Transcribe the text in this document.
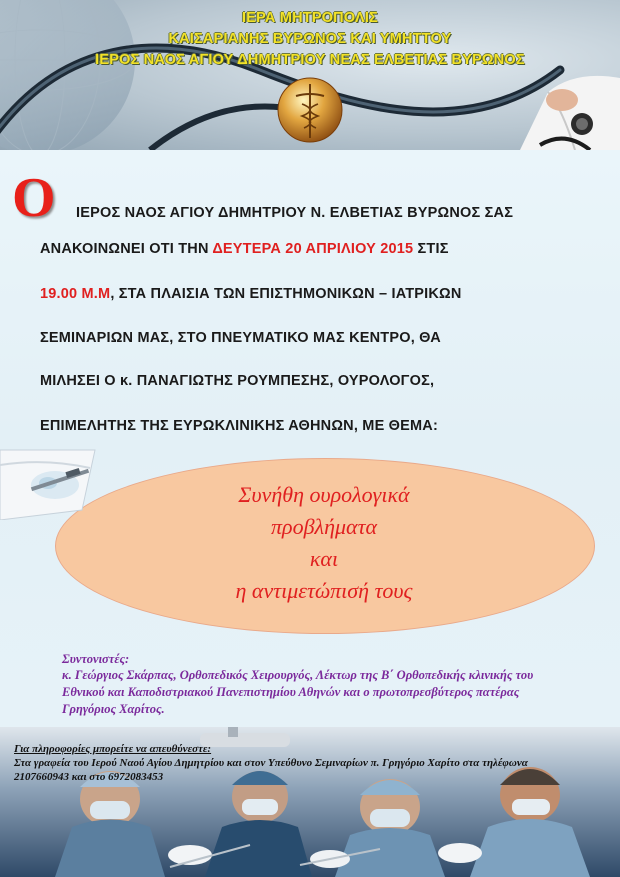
ΙΕΡΑ ΜΗΤΡΟΠΟΛΙΣ
ΚΑΙΣΑΡΙΑΝΗΣ ΒΥΡΩΝΟΣ ΚΑΙ ΥΜΗΤΤΟΥ
ΙΕΡΟΣ ΝΑΟΣ ΑΓΙΟΥ ΔΗΜΗΤΡΙΟΥ ΝΕΑΣ ΕΛΒΕΤΙΑΣ ΒΥΡΩΝΟΣ
Ο ΙΕΡΟΣ ΝΑΟΣ ΑΓΙΟΥ ΔΗΜΗΤΡΙΟΥ Ν. ΕΛΒΕΤΙΑΣ ΒΥΡΩΝΟΣ ΣΑΣ
ΑΝΑΚΟΙΝΩΝΕΙ ΟΤΙ ΤΗΝ ΔΕΥΤΕΡΑ 20 ΑΠΡΙΛΙΟΥ 2015 ΣΤΙΣ
19.00 Μ.Μ, ΣΤΑ ΠΛΑΙΣΙΑ ΤΩΝ ΕΠΙΣΤΗΜΟΝΙΚΩΝ – ΙΑΤΡΙΚΩΝ
ΣΕΜΙΝΑΡΙΩΝ ΜΑΣ, ΣΤΟ ΠΝΕΥΜΑΤΙΚΟ ΜΑΣ ΚΕΝΤΡΟ, ΘΑ
ΜΙΛΗΣΕΙ Ο κ. ΠΑΝΑΓΙΩΤΗΣ ΡΟΥΜΠΕΣΗΣ, ΟΥΡΟΛΟΓΟΣ,
ΕΠΙΜΕΛΗΤΗΣ ΤΗΣ ΕΥΡΩΚΛΙΝΙΚΗΣ ΑΘΗΝΩΝ, ΜΕ ΘΕΜΑ:
Συνήθη ουρολογικά
προβλήματα
και
η αντιμετώπισή τους
Συντονιστές:
κ. Γεώργιος Σκάρπας, Ορθοπεδικός Χειρουργός, Λέκτωρ της Β΄ Ορθοπεδικής κλινικής του
Εθνικού και Καποδιστριακού Πανεπιστημίου Αθηνών και ο πρωτοπρεσβύτερος πατέρας
Γρηγόριος Χαρίτος.
Για πληροφορίες μπορείτε να απευθύνεστε:
Στα γραφεία του Ιερού Ναού Αγίου Δημητρίου και στον Υπεύθυνο Σεμιναρίων π. Γρηγόριο Χαρίτο στα τηλέφωνα
2107660943 και στο 6972083453
